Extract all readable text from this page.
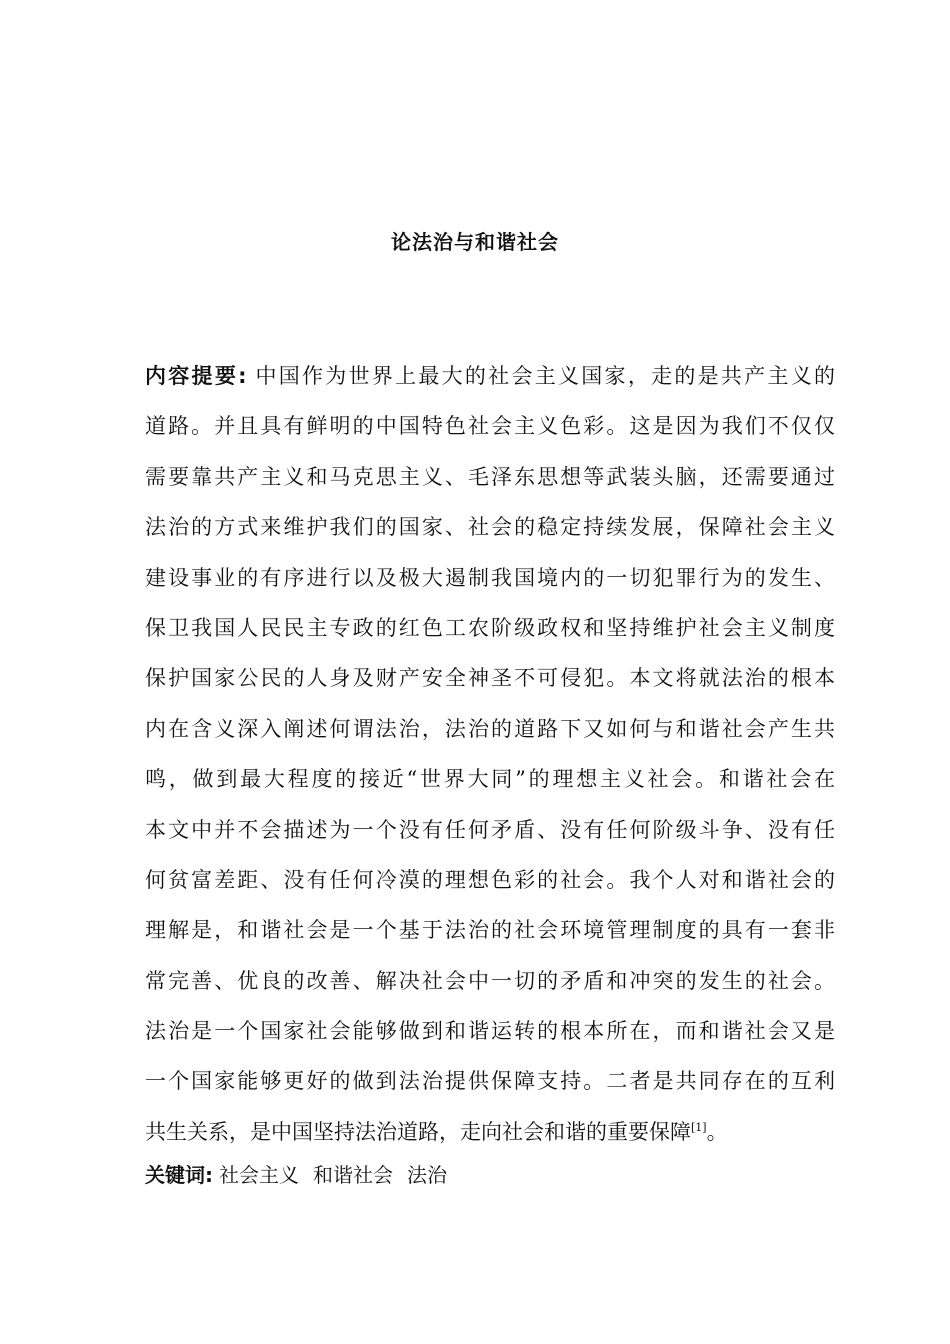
论法治与和谐社会
内容提要: 中国作为世界上最大的社会主义国家，走的是共产主义的
道路。并且具有鲜明的中国特色社会主义色彩。这是因为我们不仅仅
需要靠共产主义和马克思主义、毛泽东思想等武装头脑，还需要通过
法治的方式来维护我们的国家、社会的稳定持续发展，保障社会主义
建设事业的有序进行以及极大遏制我国境内的一切犯罪行为的发生、
保卫我国人民民主专政的红色工农阶级政权和坚持维护社会主义制度
保护国家公民的人身及财产安全神圣不可侵犯。本文将就法治的根本
内在含义深入阐述何谓法治，法治的道路下又如何与和谐社会产生共
鸣，做到最大程度的接近“世界大同”的理想主义社会。和谐社会在
本文中并不会描述为一个没有任何矛盾、没有任何阶级斗争、没有任
何贫富差距、没有任何冷漠的理想色彩的社会。我个人对和谐社会的
理解是，和谐社会是一个基于法治的社会环境管理制度的具有一套非
常完善、优良的改善、解决社会中一切的矛盾和冲突的发生的社会。
法治是一个国家社会能够做到和谐运转的根本所在，而和谐社会又是
一个国家能够更好的做到法治提供保障支持。二者是共同存在的互利
共生关系，是中国坚持法治道路，走向社会和谐的重要保障[1]。
关键词: 社会主义 和谐社会 法治
